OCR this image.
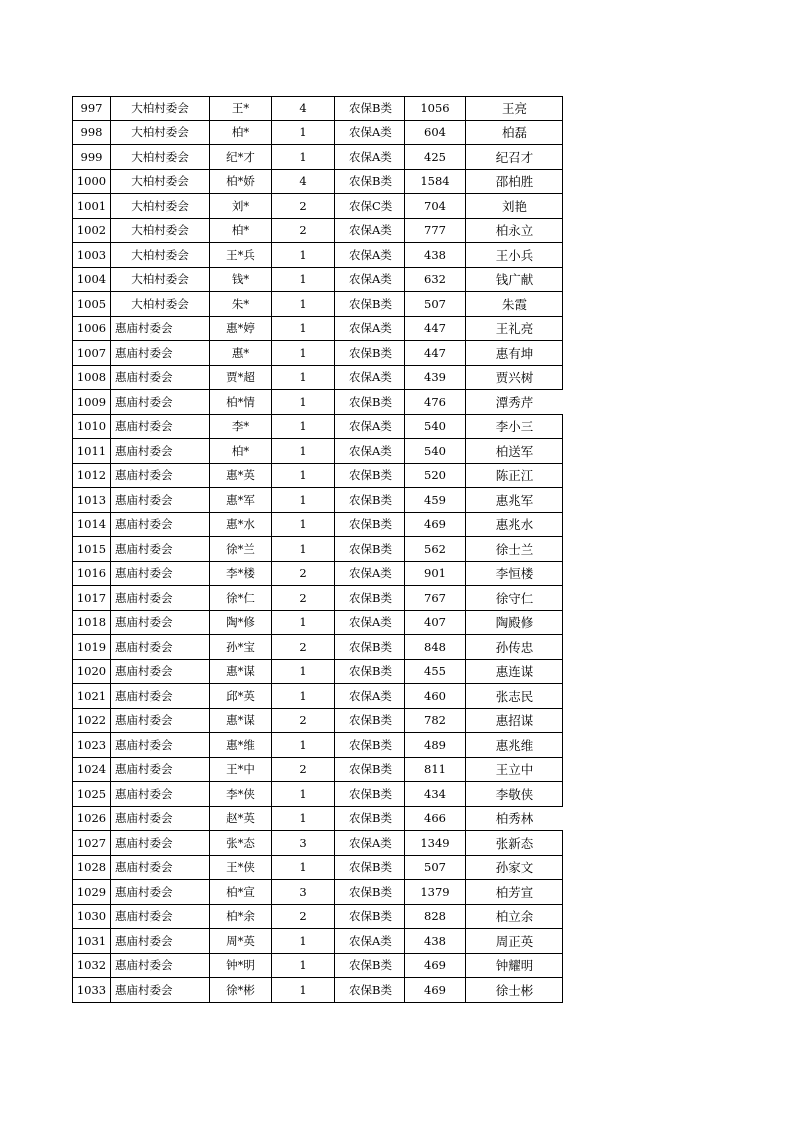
997	大柏村委会	王*	4	农保B类	1056	王亮
998	大柏村委会	柏*	1	农保A类	604	柏磊
999	大柏村委会	纪*才	1	农保A类	425	纪召才
1000	大柏村委会	柏*娇	4	农保B类	1584	邵柏胜
1001	大柏村委会	刘*	2	农保C类	704	刘艳
1002	大柏村委会	柏*	2	农保A类	777	柏永立
1003	大柏村委会	王*兵	1	农保A类	438	王小兵
1004	大柏村委会	钱*	1	农保A类	632	钱广献
1005	大柏村委会	朱*	1	农保B类	507	朱霞
1006 惠庙村委会	惠*婷	1	农保A类	447	王礼亮
1007 惠庙村委会	惠*	1	农保B类	447	惠有坤
1008 惠庙村委会	贾*超	1	农保A类	439	贾兴树
1009 惠庙村委会	柏*情	1	农保B类	476	潭秀芹
1010 惠庙村委会	李*	1	农保A类	540	李小三
1011 惠庙村委会	柏*	1	农保A类	540	柏送军
1012 惠庙村委会	惠*英	1	农保B类	520	陈正江
1013 惠庙村委会	惠*军	1	农保B类	459	惠兆军
1014 惠庙村委会	惠*水	1	农保B类	469	惠兆水
1015 惠庙村委会	徐*兰	1	农保B类	562	徐士兰
1016 惠庙村委会	李*楼	2	农保A类	901	李恒楼
1017 惠庙村委会	徐*仁	2	农保B类	767	徐守仁
1018 惠庙村委会	陶*修	1	农保A类	407	陶殿修
1019 惠庙村委会	孙*宝	2	农保B类	848	孙传忠
1020 惠庙村委会	惠*谋	1	农保B类	455	惠连谋
1021 惠庙村委会	邱*英	1	农保A类	460	张志民
1022 惠庙村委会	惠*谋	2	农保B类	782	惠招谋
1023 惠庙村委会	惠*维	1	农保B类	489	惠兆维
1024 惠庙村委会	王*中	2	农保B类	811	王立中
1025 惠庙村委会	李*侠	1	农保B类	434	李敬侠
1026 惠庙村委会	赵*英	1	农保B类	466	柏秀林
1027 惠庙村委会	张*态	3	农保A类	1349	张新态
1028 惠庙村委会	王*侠	1	农保B类	507	孙家文
1029 惠庙村委会	柏*宣	3	农保B类	1379	柏芳宣
1030 惠庙村委会	柏*余	2	农保B类	828	柏立余
1031 惠庙村委会	周*英	1	农保A类	438	周正英
1032 惠庙村委会	钟*明	1	农保B类	469	钟耀明
1033 惠庙村委会	徐*彬	1	农保B类	469	徐士彬
